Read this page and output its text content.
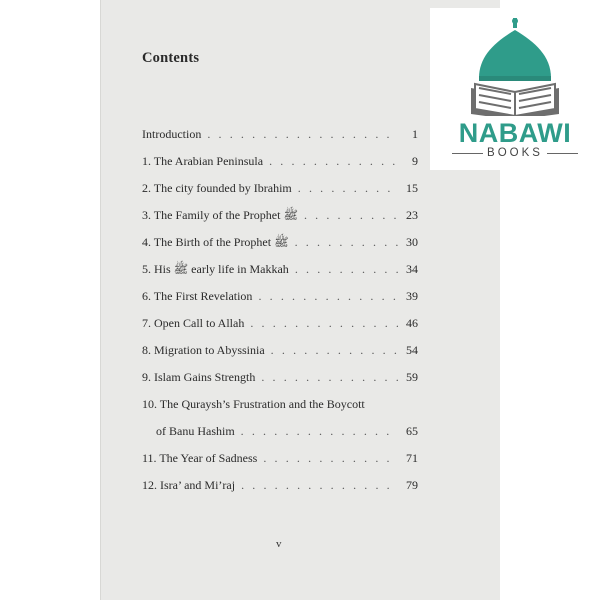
Contents
Introduction . . .	1
1. The Arabian Peninsula . . .	9
2. The city founded by Ibrahim . . .	15
3. The Family of the Prophet ﷺ . . .	23
4. The Birth of the Prophet ﷺ . . .	30
5. His ﷺ early life in Makkah . . .	34
6. The First Revelation . . .	39
7. Open Call to Allah . . .	46
8. Migration to Abyssinia . . .	54
9. Islam Gains Strength . . .	59
10. The Quraysh’s Frustration and the Boycott
of Banu Hashim . . .	65
11. The Year of Sadness . . .	71
12. Isra’ and Mi’raj . . .	79
v
NABAWI
BOOKS
